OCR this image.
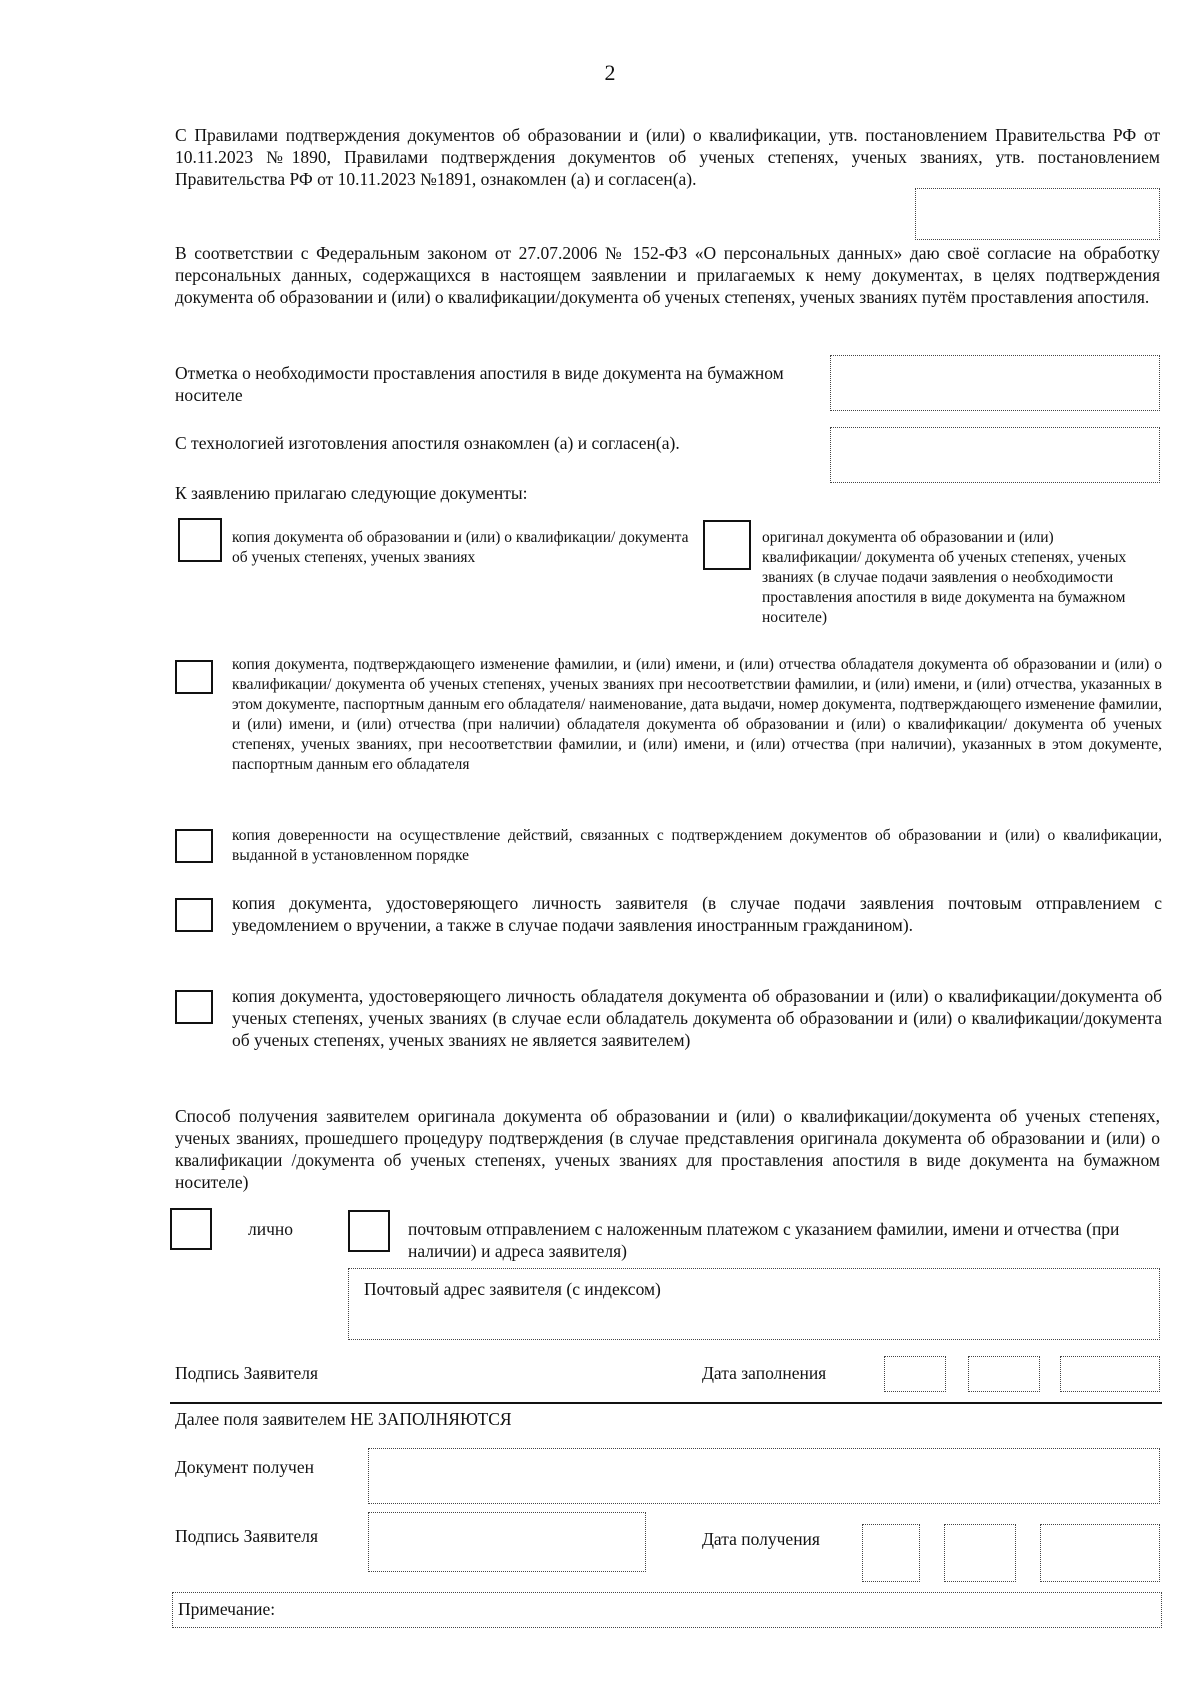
2
С Правилами подтверждения документов об образовании и (или) о квалификации, утв. постановлением Правительства РФ от 10.11.2023 №1890, Правилами подтверждения документов об ученых степенях, ученых званиях, утв. постановлением Правительства РФ от 10.11.2023 №1891, ознакомлен (а) и согласен(а).
В соответствии с Федеральным законом от 27.07.2006 № 152-ФЗ «О персональных данных» даю своё согласие на обработку персональных данных, содержащихся в настоящем заявлении и прилагаемых к нему документах, в целях подтверждения документа об образовании и (или) о квалификации/документа об ученых степенях, ученых званиях путём проставления апостиля.
Отметка о необходимости проставления апостиля в виде документа на бумажном носителе
С технологией изготовления апостиля ознакомлен (а) и согласен(а).
К заявлению прилагаю следующие документы:
копия документа об образовании и (или) о квалификации/ документа об ученых степенях, ученых званиях
оригинал документа об образовании и (или) квалификации/ документа об ученых степенях, ученых званиях (в случае подачи заявления о необходимости проставления апостиля в виде документа на бумажном носителе)
копия документа, подтверждающего изменение фамилии, и (или) имени, и (или) отчества обладателя документа об образовании и (или) о квалификации/ документа об ученых степенях, ученых званиях при несоответствии фамилии, и (или) имени, и (или) отчества, указанных в этом документе, паспортным данным его обладателя/ наименование, дата выдачи, номер документа, подтверждающего изменение фамилии, и (или) имени, и (или) отчества (при наличии) обладателя документа об образовании и (или) о квалификации/ документа об ученых степенях, ученых званиях, при несоответствии фамилии, и (или) имени, и (или) отчества (при наличии), указанных в этом документе, паспортным данным его обладателя
копия доверенности на осуществление действий, связанных с подтверждением документов об образовании и (или) о квалификации, выданной в установленном порядке
копия документа, удостоверяющего личность заявителя (в случае подачи заявления почтовым отправлением с уведомлением о вручении, а также в случае подачи заявления иностранным гражданином).
копия документа, удостоверяющего личность обладателя документа об образовании и (или) о квалификации/документа об ученых степенях, ученых званиях (в случае если обладатель документа об образовании и (или) о квалификации/документа об ученых степенях, ученых званиях не является заявителем)
Способ получения заявителем оригинала документа об образовании и (или) о квалификации/документа об ученых степенях, ученых званиях, прошедшего процедуру подтверждения (в случае представления оригинала документа об образовании и (или) о квалификации /документа об ученых степенях, ученых званиях для проставления апостиля в виде документа на бумажном носителе)
лично	почтовым отправлением с наложенным платежом с указанием фамилии, имени и отчества (при наличии) и адреса заявителя)
Почтовый адрес заявителя (с индексом)
Подпись Заявителя	Дата заполнения
Далее поля заявителем НЕ ЗАПОЛНЯЮТСЯ
Документ получен
Подпись Заявителя	Дата получения
Примечание:
